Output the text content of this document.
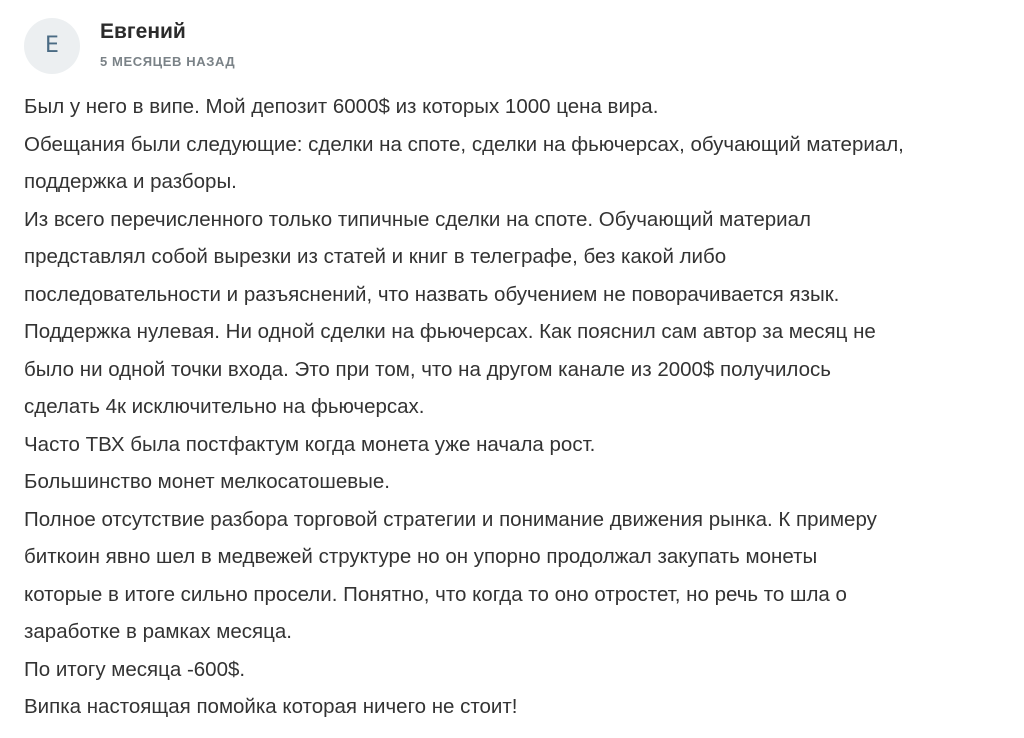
E
Евгений
5 МЕСЯЦЕВ НАЗАД
Был у него в випе. Мой депозит 6000$ из которых 1000 цена вира.
Обещания были следующие: сделки на споте, сделки на фьючерсах, обучающий материал,
поддержка и разборы.
Из всего перечисленного только типичные сделки на споте. Обучающий материал
представлял собой вырезки из статей и книг в телеграфе, без какой либо
последовательности и разъяснений, что назвать обучением не поворачивается язык.
Поддержка нулевая. Ни одной сделки на фьючерсах. Как пояснил сам автор за месяц не
было ни одной точки входа. Это при том, что на другом канале из 2000$ получилось
сделать 4к исключительно на фьючерсах.
Часто ТВХ была постфактум когда монета уже начала рост.
Большинство монет мелкосатошевые.
Полное отсутствие разбора торговой стратегии и понимание движения рынка. К примеру
биткоин явно шел в медвежей структуре но он упорно продолжал закупать монеты
которые в итоге сильно просели. Понятно, что когда то оно отростет, но речь то шла о
заработке в рамках месяца.
По итогу месяца -600$.
Випка настоящая помойка которая ничего не стоит!
